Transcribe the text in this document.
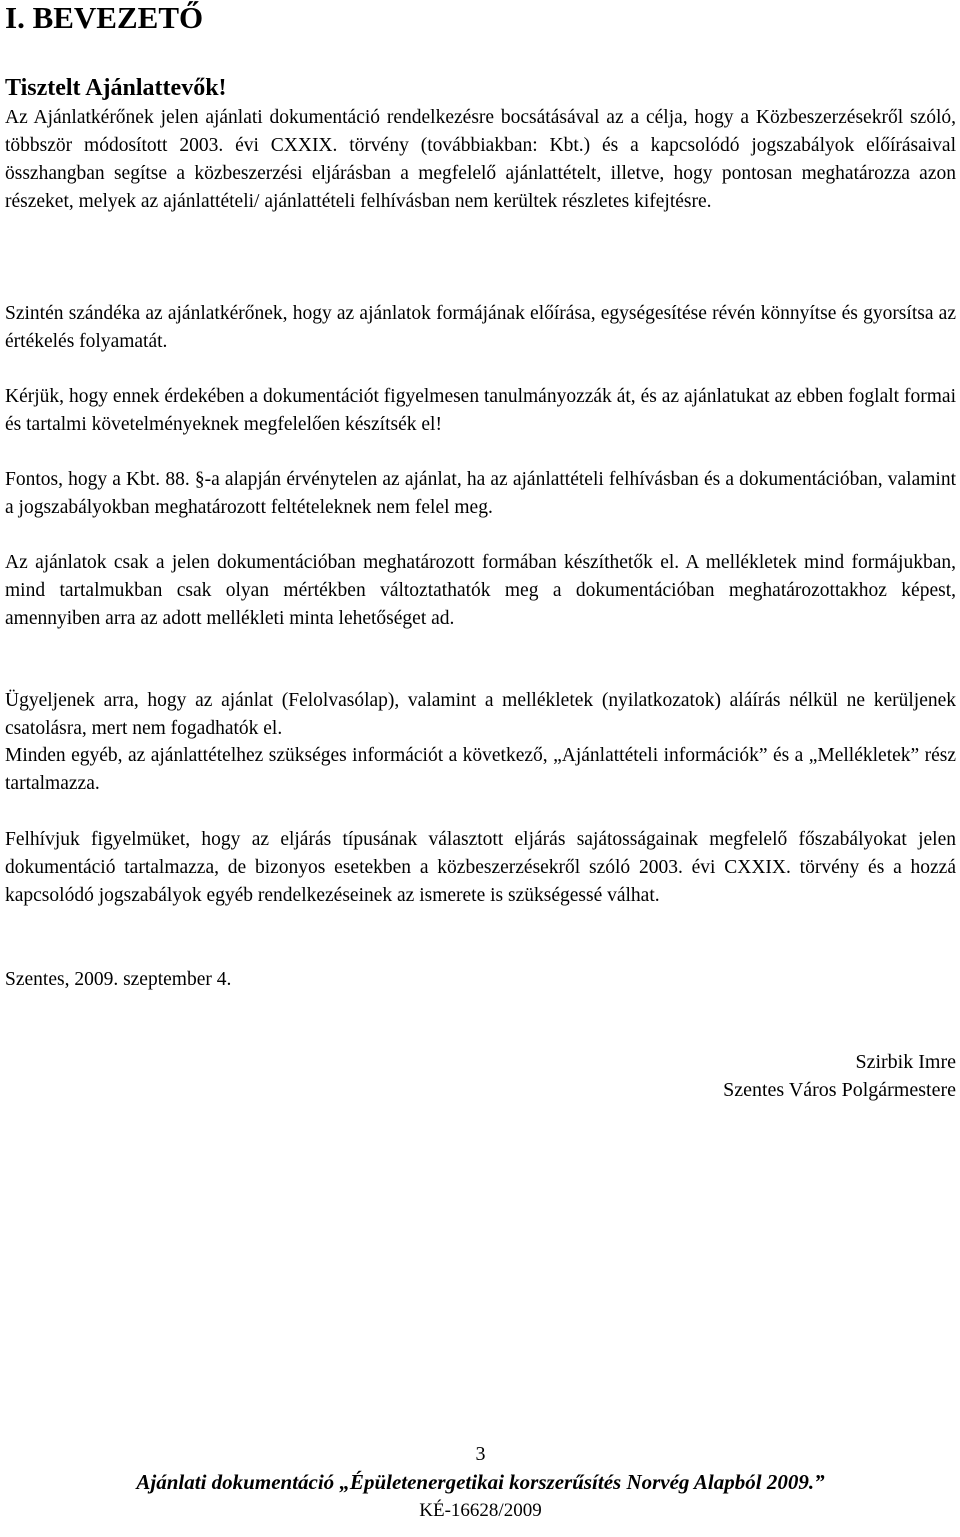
I. BEVEZETŐ

Tisztelt Ajánlattevők!

Az Ajánlatkérőnek jelen ajánlati dokumentáció rendelkezésre bocsátásával az a célja, hogy a Közbeszerzésekről szóló, többször módosított 2003. évi CXXIX. törvény (továbbiakban: Kbt.) és a kapcsolódó jogszabályok előírásaival összhangban segítse a közbeszerzési eljárásban a megfelelő ajánlattételt, illetve, hogy pontosan meghatározza azon részeket, melyek az ajánlattételi/ ajánlattételi felhívásban nem kerültek részletes kifejtésre.

Szintén szándéka az ajánlatkérőnek, hogy az ajánlatok formájának előírása, egységesítése révén könnyítse és gyorsítsa az értékelés folyamatát.

Kérjük, hogy ennek érdekében a dokumentációt figyelmesen tanulmányozzák át, és az ajánlatukat az ebben foglalt formai és tartalmi követelményeknek megfelelően készítsék el!

Fontos, hogy a Kbt. 88. §-a alapján érvénytelen az ajánlat, ha az ajánlattételi felhívásban és a dokumentációban, valamint a jogszabályokban meghatározott feltételeknek nem felel meg.

Az ajánlatok csak a jelen dokumentációban meghatározott formában készíthetők el. A mellékletek mind formájukban, mind tartalmukban csak olyan mértékben változtathatók meg a dokumentációban meghatározottakhoz képest, amennyiben arra az adott mellékleti minta lehetőséget ad.

Ügyeljenek arra, hogy az ajánlat (Felolvasólap), valamint a mellékletek (nyilatkozatok) aláírás nélkül ne kerüljenek csatolásra, mert nem fogadhatók el.

Minden egyéb, az ajánlattételhez szükséges információt a következő, „Ajánlattételi információk” és a „Mellékletek” rész tartalmazza.

Felhívjuk figyelmüket, hogy az eljárás típusának választott eljárás sajátosságainak megfelelő főszabályokat jelen dokumentáció tartalmazza, de bizonyos esetekben a közbeszerzésekről szóló 2003. évi CXXIX. törvény és a hozzá kapcsolódó jogszabályok egyéb rendelkezéseinek az ismerete is szükségessé válhat.

Szentes, 2009. szeptember 4.

Szirbik Imre
Szentes Város Polgármestere
3
Ajánlati dokumentáció „Épületenergetikai korszerűsítés Norvég Alapból 2009.”
KÉ-16628/2009
